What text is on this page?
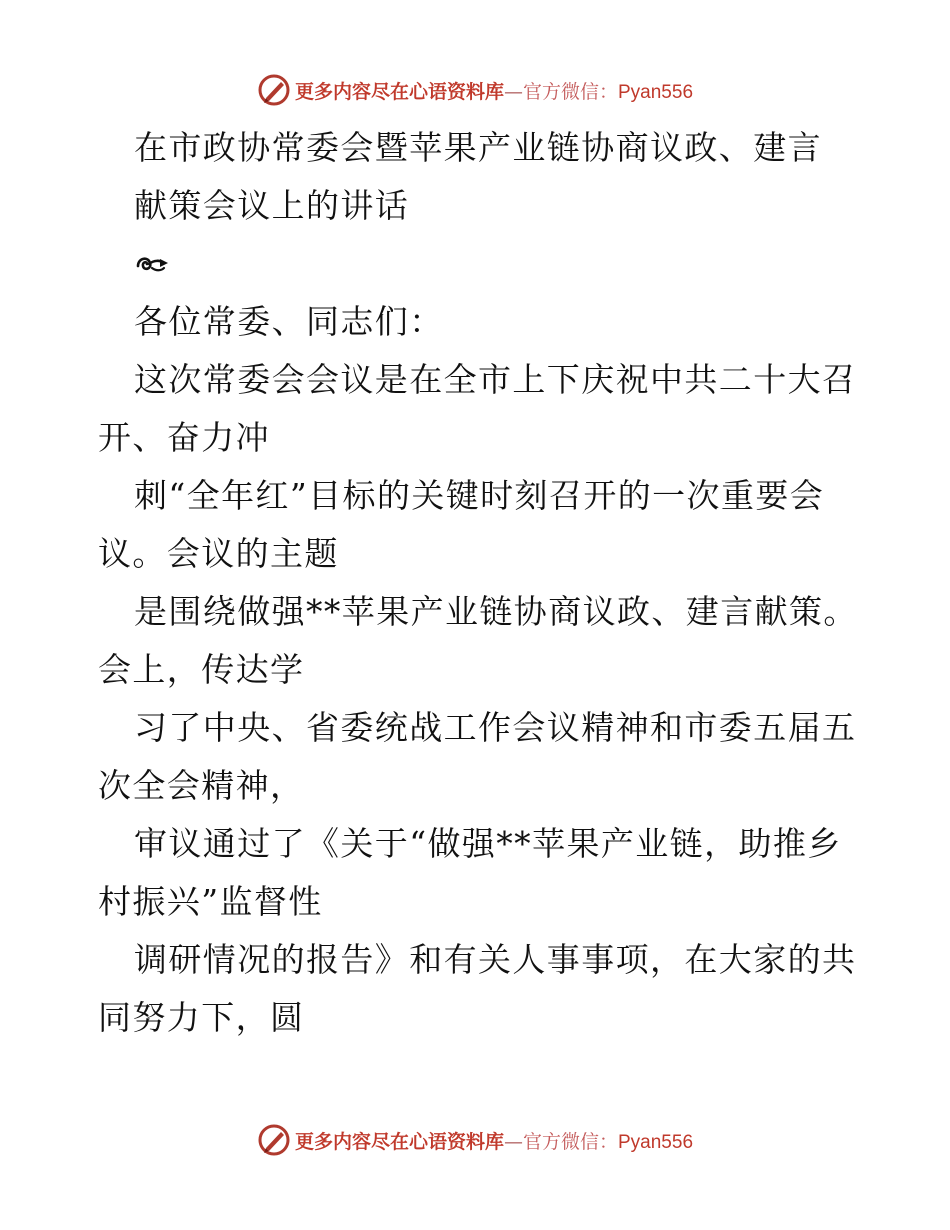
更多内容尽在心语资料库—官方微信：Pyan556

在市政协常委会暨苹果产业链协商议政、建言

献策会议上的讲话

各位常委、同志们：

这次常委会会议是在全市上下庆祝中共二十大召

开、奋力冲

刺“全年红”目标的关键时刻召开的一次重要会

议。会议的主题

是围绕做强**苹果产业链协商议政、建言献策。

会上，传达学

习了中央、省委统战工作会议精神和市委五届五

次全会精神，

审议通过了《关于“做强**苹果产业链，助推乡

村振兴”监督性

调研情况的报告》和有关人事事项，在大家的共

同努力下，圆

更多内容尽在心语资料库—官方微信：Pyan556
